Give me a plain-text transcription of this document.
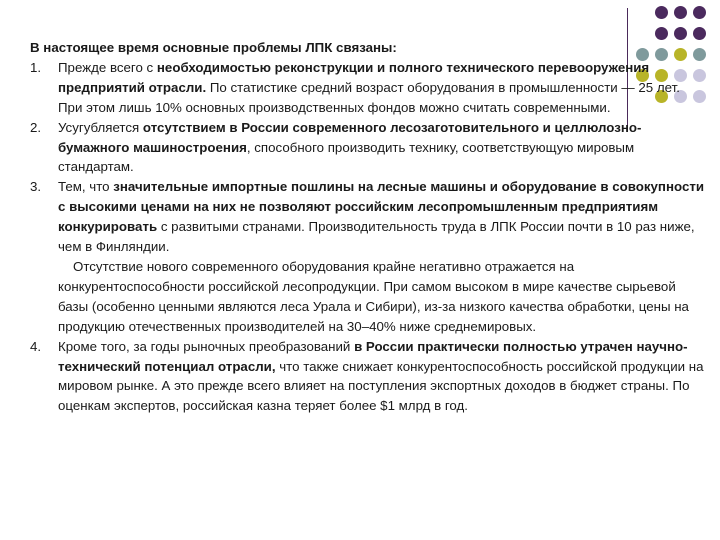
В настоящее время основные проблемы ЛПК связаны:

1. Прежде всего с необходимостью реконструкции и полного технического перевооружения предприятий отрасли. По статистике средний возраст оборудования в промышленности — 25 лет. При этом лишь 10% основных производственных фондов можно считать современными.
2. Усугубляется отсутствием в России современного лесозаготовительного и целлюлозно-бумажного машиностроения, способного производить технику, соответствующую мировым стандартам.
3. Тем, что значительные импортные пошлины на лесные машины и оборудование в совокупности с высокими ценами на них не позволяют российским лесопромышленным предприятиям конкурировать с развитыми странами. Производительность труда в ЛПК России почти в 10 раз ниже, чем в Финляндии.
Отсутствие нового современного оборудования крайне негативно отражается на конкурентоспособности российской лесопродукции. При самом высоком в мире качестве сырьевой базы (особенно ценными являются леса Урала и Сибири), из-за низкого качества обработки, цены на продукцию отечественных производителей на 30–40% ниже среднемировых.
4. Кроме того, за годы рыночных преобразований в России практически полностью утрачен научно-технический потенциал отрасли, что также снижает конкурентоспособность российской продукции на мировом рынке. А это прежде всего влияет на поступления экспортных доходов в бюджет страны. По оценкам экспертов, российская казна теряет более $1 млрд в год.
